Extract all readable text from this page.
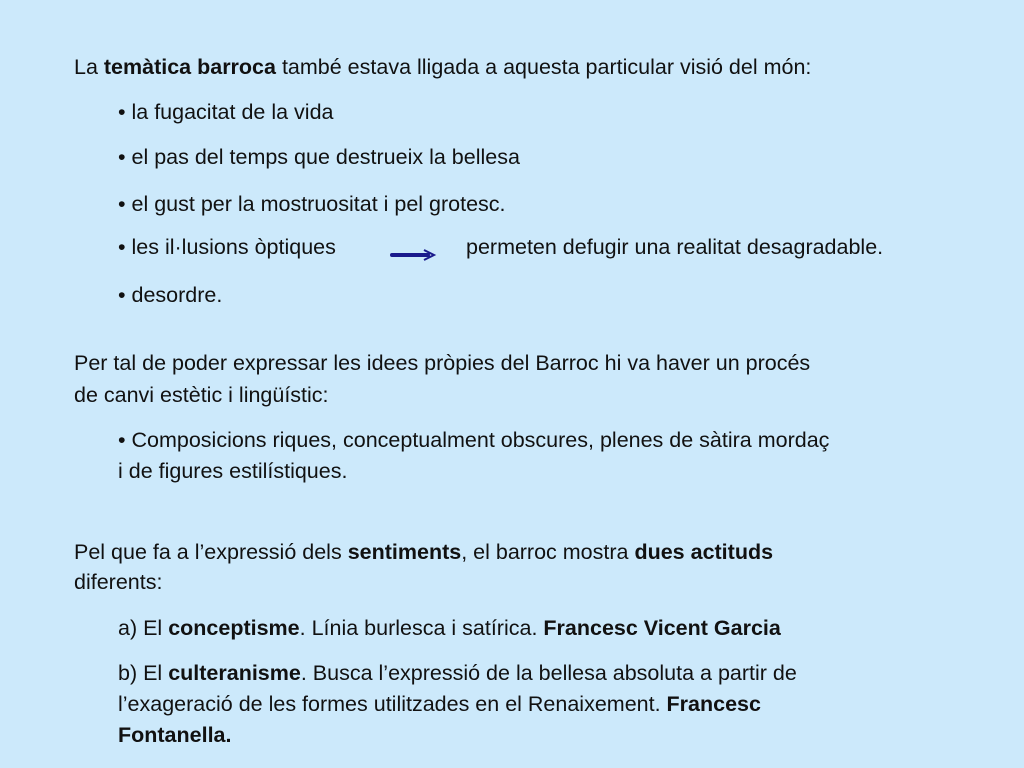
La temàtica barroca també estava lligada a aquesta particular visió del món:
• la fugacitat de la vida
• el pas del temps que destrueix la bellesa
• el gust per la mostruositat i pel grotesc.
• les il·lusions òptiques	permeten defugir una realitat desagradable.
• desordre.
Per tal de poder expressar les idees pròpies del Barroc hi va haver un procés
de canvi estètic i lingüístic:
• Composicions riques, conceptualment obscures, plenes de sàtira mordaç
i de figures estilístiques.
Pel que fa a l’expressió dels sentiments, el barroc mostra dues actituds
diferents:
a) El conceptisme. Línia burlesca i satírica. Francesc Vicent Garcia
b) El culteranisme. Busca l’expressió de la bellesa absoluta a partir de
l’exageració de les formes utilitzades en el Renaixement. Francesc
Fontanella.
